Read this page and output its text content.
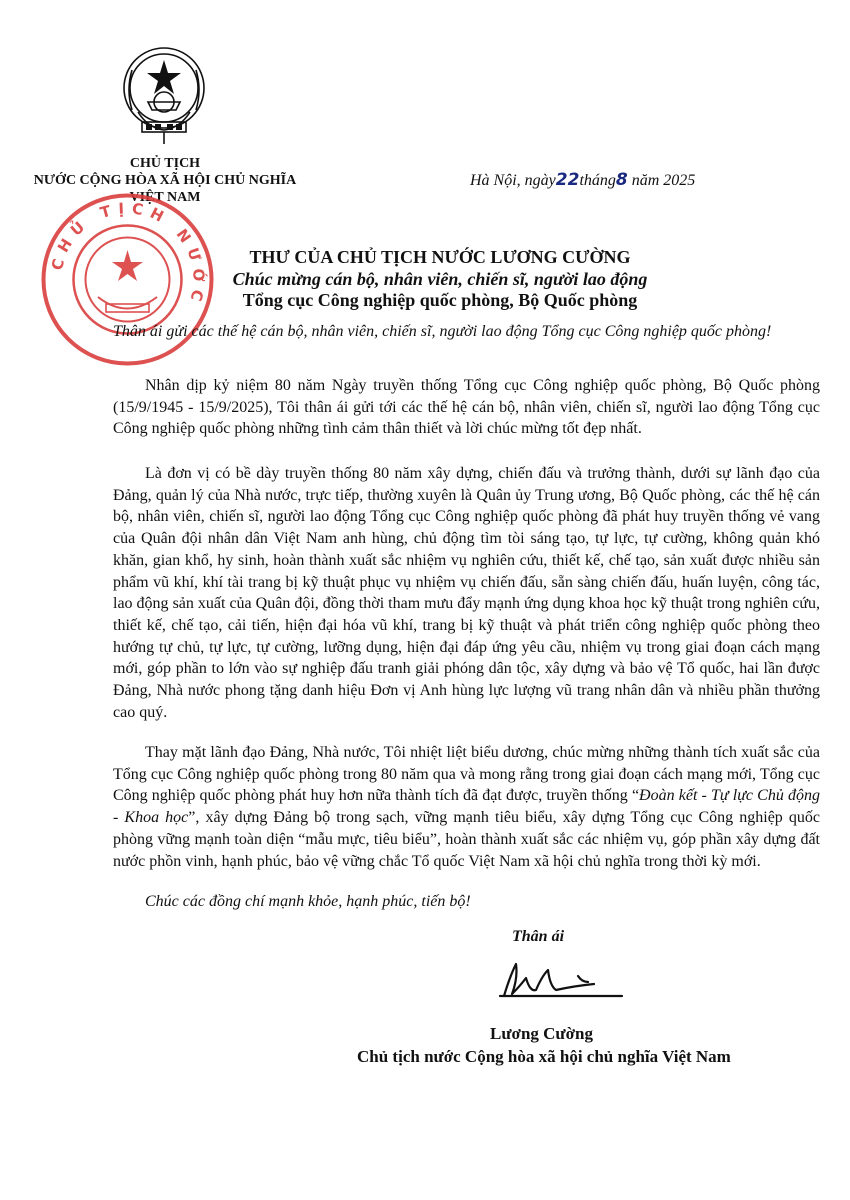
CHỦ TỊCH
NƯỚC CỘNG HÒA XÃ HỘI CHỦ NGHĨA
VIỆT NAM
Hà Nội, ngày22tháng8 năm 2025
CHỦ TỊCH NƯỚC
THƯ CỦA CHỦ TỊCH NƯỚC LƯƠNG CƯỜNG
Chúc mừng cán bộ, nhân viên, chiến sĩ, người lao động
Tổng cục Công nghiệp quốc phòng, Bộ Quốc phòng
Thân ái gửi các thế hệ cán bộ, nhân viên, chiến sĩ, người lao động Tổng cục Công nghiệp quốc phòng!
Nhân dịp kỷ niệm 80 năm Ngày truyền thống Tổng cục Công nghiệp quốc phòng, Bộ Quốc phòng (15/9/1945 - 15/9/2025), Tôi thân ái gửi tới các thế hệ cán bộ, nhân viên, chiến sĩ, người lao động Tổng cục Công nghiệp quốc phòng những tình cảm thân thiết và lời chúc mừng tốt đẹp nhất.
Là đơn vị có bề dày truyền thống 80 năm xây dựng, chiến đấu và trưởng thành, dưới sự lãnh đạo của Đảng, quản lý của Nhà nước, trực tiếp, thường xuyên là Quân ủy Trung ương, Bộ Quốc phòng, các thế hệ cán bộ, nhân viên, chiến sĩ, người lao động Tổng cục Công nghiệp quốc phòng đã phát huy truyền thống vẻ vang của Quân đội nhân dân Việt Nam anh hùng, chủ động tìm tòi sáng tạo, tự lực, tự cường, không quản khó khăn, gian khổ, hy sinh, hoàn thành xuất sắc nhiệm vụ nghiên cứu, thiết kế, chế tạo, sản xuất được nhiều sản phẩm vũ khí, khí tài trang bị kỹ thuật phục vụ nhiệm vụ chiến đấu, sẵn sàng chiến đấu, huấn luyện, công tác, lao động sản xuất của Quân đội, đồng thời tham mưu đẩy mạnh ứng dụng khoa học kỹ thuật trong nghiên cứu, thiết kế, chế tạo, cải tiến, hiện đại hóa vũ khí, trang bị kỹ thuật và phát triển công nghiệp quốc phòng theo hướng tự chủ, tự lực, tự cường, lưỡng dụng, hiện đại đáp ứng yêu cầu, nhiệm vụ trong giai đoạn cách mạng mới, góp phần to lớn vào sự nghiệp đấu tranh giải phóng dân tộc, xây dựng và bảo vệ Tổ quốc, hai lần được Đảng, Nhà nước phong tặng danh hiệu Đơn vị Anh hùng lực lượng vũ trang nhân dân và nhiều phần thưởng cao quý.
Thay mặt lãnh đạo Đảng, Nhà nước, Tôi nhiệt liệt biểu dương, chúc mừng những thành tích xuất sắc của Tổng cục Công nghiệp quốc phòng trong 80 năm qua và mong rằng trong giai đoạn cách mạng mới, Tổng cục Công nghiệp quốc phòng phát huy hơn nữa thành tích đã đạt được, truyền thống “Đoàn kết - Tự lực Chủ động - Khoa học”, xây dựng Đảng bộ trong sạch, vững mạnh tiêu biểu, xây dựng Tổng cục Công nghiệp quốc phòng vững mạnh toàn diện “mẫu mực, tiêu biểu”, hoàn thành xuất sắc các nhiệm vụ, góp phần xây dựng đất nước phồn vinh, hạnh phúc, bảo vệ vững chắc Tổ quốc Việt Nam xã hội chủ nghĩa trong thời kỳ mới.
Chúc các đồng chí mạnh khỏe, hạnh phúc, tiến bộ!
Thân ái
Lương Cường
Chủ tịch nước Cộng hòa xã hội chủ nghĩa Việt Nam
